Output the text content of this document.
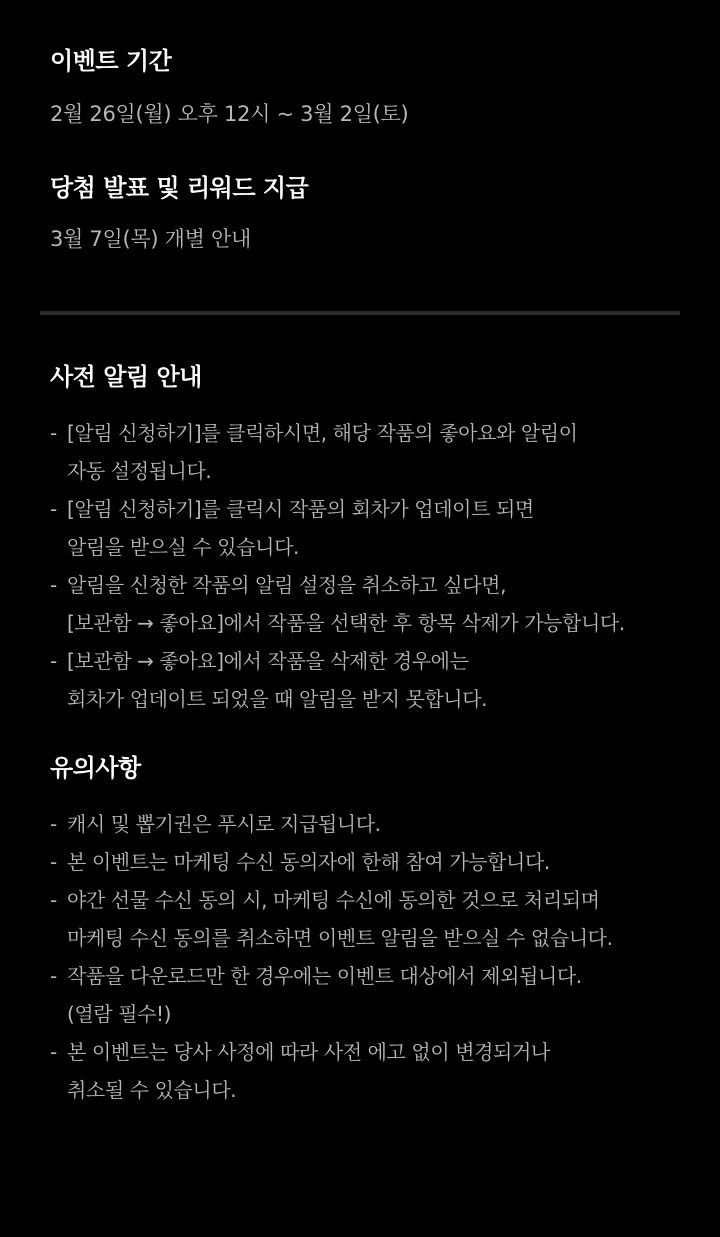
이벤트 기간

2월 26일(월) 오후 12시 ~ 3월 2일(토)

당첨 발표 및 리워드 지급

3월 7일(목) 개별 안내

사전 알림 안내
- [알림 신청하기]를 클릭하시면, 해당 작품의 좋아요와 알림이
자동 설정됩니다.
- [알림 신청하기]를 클릭시 작품의 회차가 업데이트 되면
알림을 받으실 수 있습니다.
- 알림을 신청한 작품의 알림 설정을 취소하고 싶다면,
[보관함 → 좋아요]에서 작품을 선택한 후 항목 삭제가 가능합니다.
- [보관함 → 좋아요]에서 작품을 삭제한 경우에는
회차가 업데이트 되었을 때 알림을 받지 못합니다.
유의사항
- 캐시 및 뽑기권은 푸시로 지급됩니다.
- 본 이벤트는 마케팅 수신 동의자에 한해 참여 가능합니다.
- 야간 선물 수신 동의 시, 마케팅 수신에 동의한 것으로 처리되며
마케팅 수신 동의를 취소하면 이벤트 알림을 받으실 수 없습니다.
- 작품을 다운로드만 한 경우에는 이벤트 대상에서 제외됩니다.
(열람 필수!)
- 본 이벤트는 당사 사정에 따라 사전 에고 없이 변경되거나
취소될 수 있습니다.
